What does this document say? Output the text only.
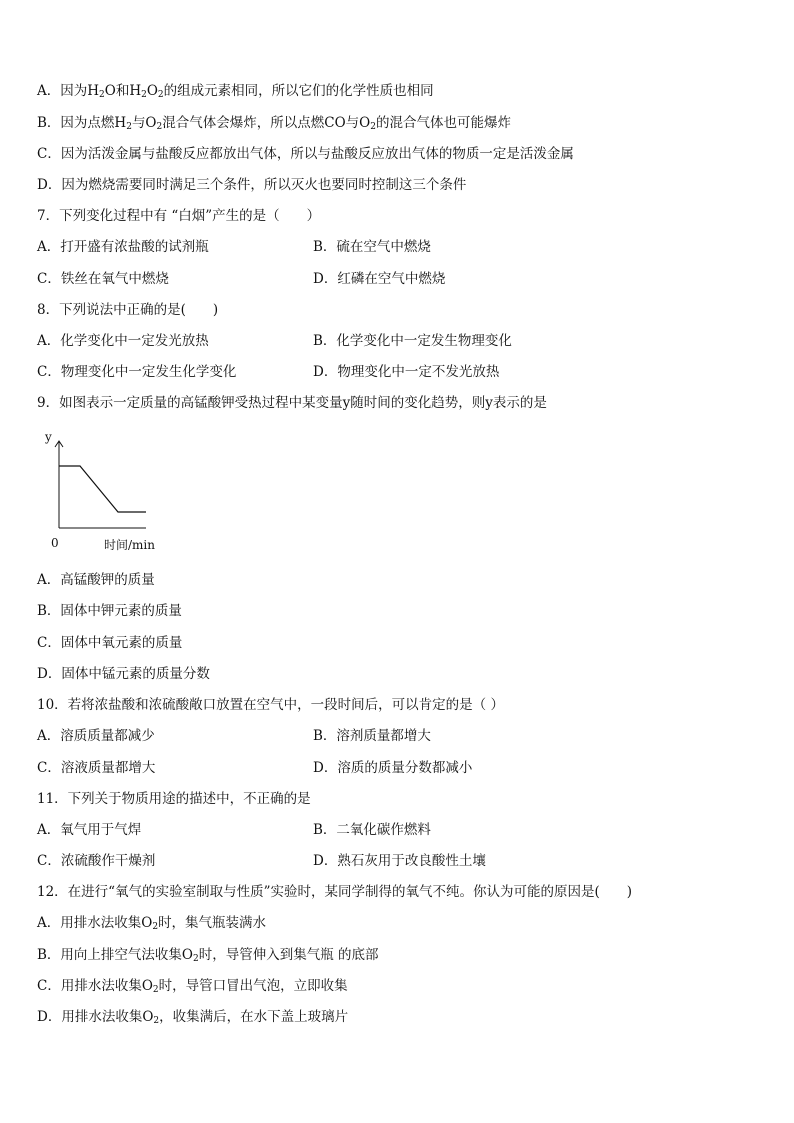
A．因为$H_2O$和$H_2O_2$的组成元素相同，所以它们的化学性质也相同
B．因为点燃$H_2$与$O_2$混合气体会爆炸，所以点燃CO与$O_2$的混合气体也可能爆炸
C．因为活泼金属与盐酸反应都放出气体，所以与盐酸反应放出气体的物质一定是活泼金属
D．因为燃烧需要同时满足三个条件，所以灭火也要同时控制这三个条件
7．下列变化过程中有 “白烟”产生的是（　　）
A．打开盛有浓盐酸的试剂瓶	B．硫在空气中燃烧
C．铁丝在氧气中燃烧	D．红磷在空气中燃烧
8．下列说法中正确的是(　　)
A．化学变化中一定发光放热	B．化学变化中一定发生物理变化
C．物理变化中一定发生化学变化	D．物理变化中一定不发光放热
9．如图表示一定质量的高锰酸钾受热过程中某变量y随时间的变化趋势，则y表示的是
y
0	时间/min
A．高锰酸钾的质量
B．固体中钾元素的质量
C．固体中氧元素的质量
D．固体中锰元素的质量分数
10．若将浓盐酸和浓硫酸敞口放置在空气中，一段时间后，可以肯定的是（ ）
A．溶质质量都减少	B．溶剂质量都增大
C．溶液质量都增大	D．溶质的质量分数都减小
11．下列关于物质用途的描述中，不正确的是
A．氧气用于气焊	B．二氧化碳作燃料
C．浓硫酸作干燥剂	D．熟石灰用于改良酸性土壤
12．在进行“氧气的实验室制取与性质”实验时，某同学制得的氧气不纯。你认为可能的原因是(　　)
A．用排水法收集$O_2$时，集气瓶装满水
B．用向上排空气法收集$O_2$时，导管伸入到集气瓶 的底部
C．用排水法收集$O_2$时，导管口冒出气泡，立即收集
D．用排水法收集$O_2$，收集满后，在水下盖上玻璃片
